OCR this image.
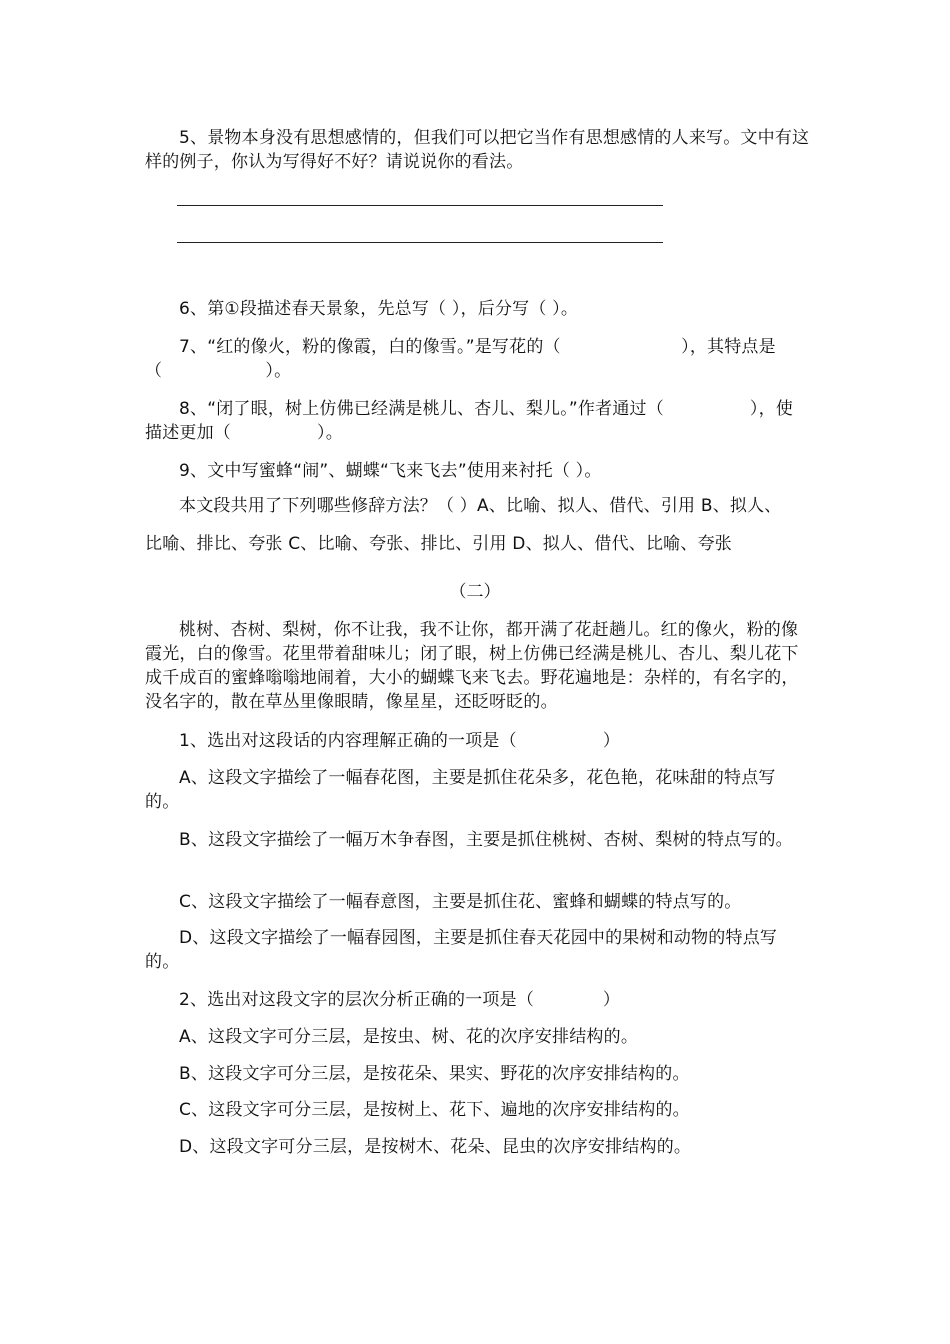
5、景物本身没有思想感情的，但我们可以把它当作有思想感情的人来写。文中有这样的例子，你认为写得好不好？请说说你的看法。
6、第①段描述春天景象，先总写（ ），后分写（ ）。
7、“红的像火，粉的像霞，白的像雪。”是写花的（　　　　　　　），其特点是（　　　　　　）。
8、“闭了眼，树上仿佛已经满是桃儿、杏儿、梨儿。”作者通过（　　　　　），使描述更加（　　　　　）。
9、文中写蜜蜂“闹”、蝴蝶“飞来飞去”使用来衬托（ ）。
本文段共用了下列哪些修辞方法？（ ）A、比喻、拟人、借代、引用 B、拟人、
比喻、排比、夸张 C、比喻、夸张、排比、引用 D、拟人、借代、比喻、夸张
（二）
桃树、杏树、梨树，你不让我，我不让你，都开满了花赶趟儿。红的像火，粉的像霞光，白的像雪。花里带着甜味儿；闭了眼，树上仿佛已经满是桃儿、杏儿、梨儿花下成千成百的蜜蜂嗡嗡地闹着，大小的蝴蝶飞来飞去。野花遍地是：杂样的，有名字的，没名字的，散在草丛里像眼睛，像星星，还眨呀眨的。
1、选出对这段话的内容理解正确的一项是（　　　　　）
A、这段文字描绘了一幅春花图，主要是抓住花朵多，花色艳，花味甜的特点写的。
B、这段文字描绘了一幅万木争春图，主要是抓住桃树、杏树、梨树的特点写的。
C、这段文字描绘了一幅春意图，主要是抓住花、蜜蜂和蝴蝶的特点写的。
D、这段文字描绘了一幅春园图，主要是抓住春天花园中的果树和动物的特点写的。
2、选出对这段文字的层次分析正确的一项是（　　　　）
A、这段文字可分三层，是按虫、树、花的次序安排结构的。
B、这段文字可分三层，是按花朵、果实、野花的次序安排结构的。
C、这段文字可分三层，是按树上、花下、遍地的次序安排结构的。
D、这段文字可分三层，是按树木、花朵、昆虫的次序安排结构的。
